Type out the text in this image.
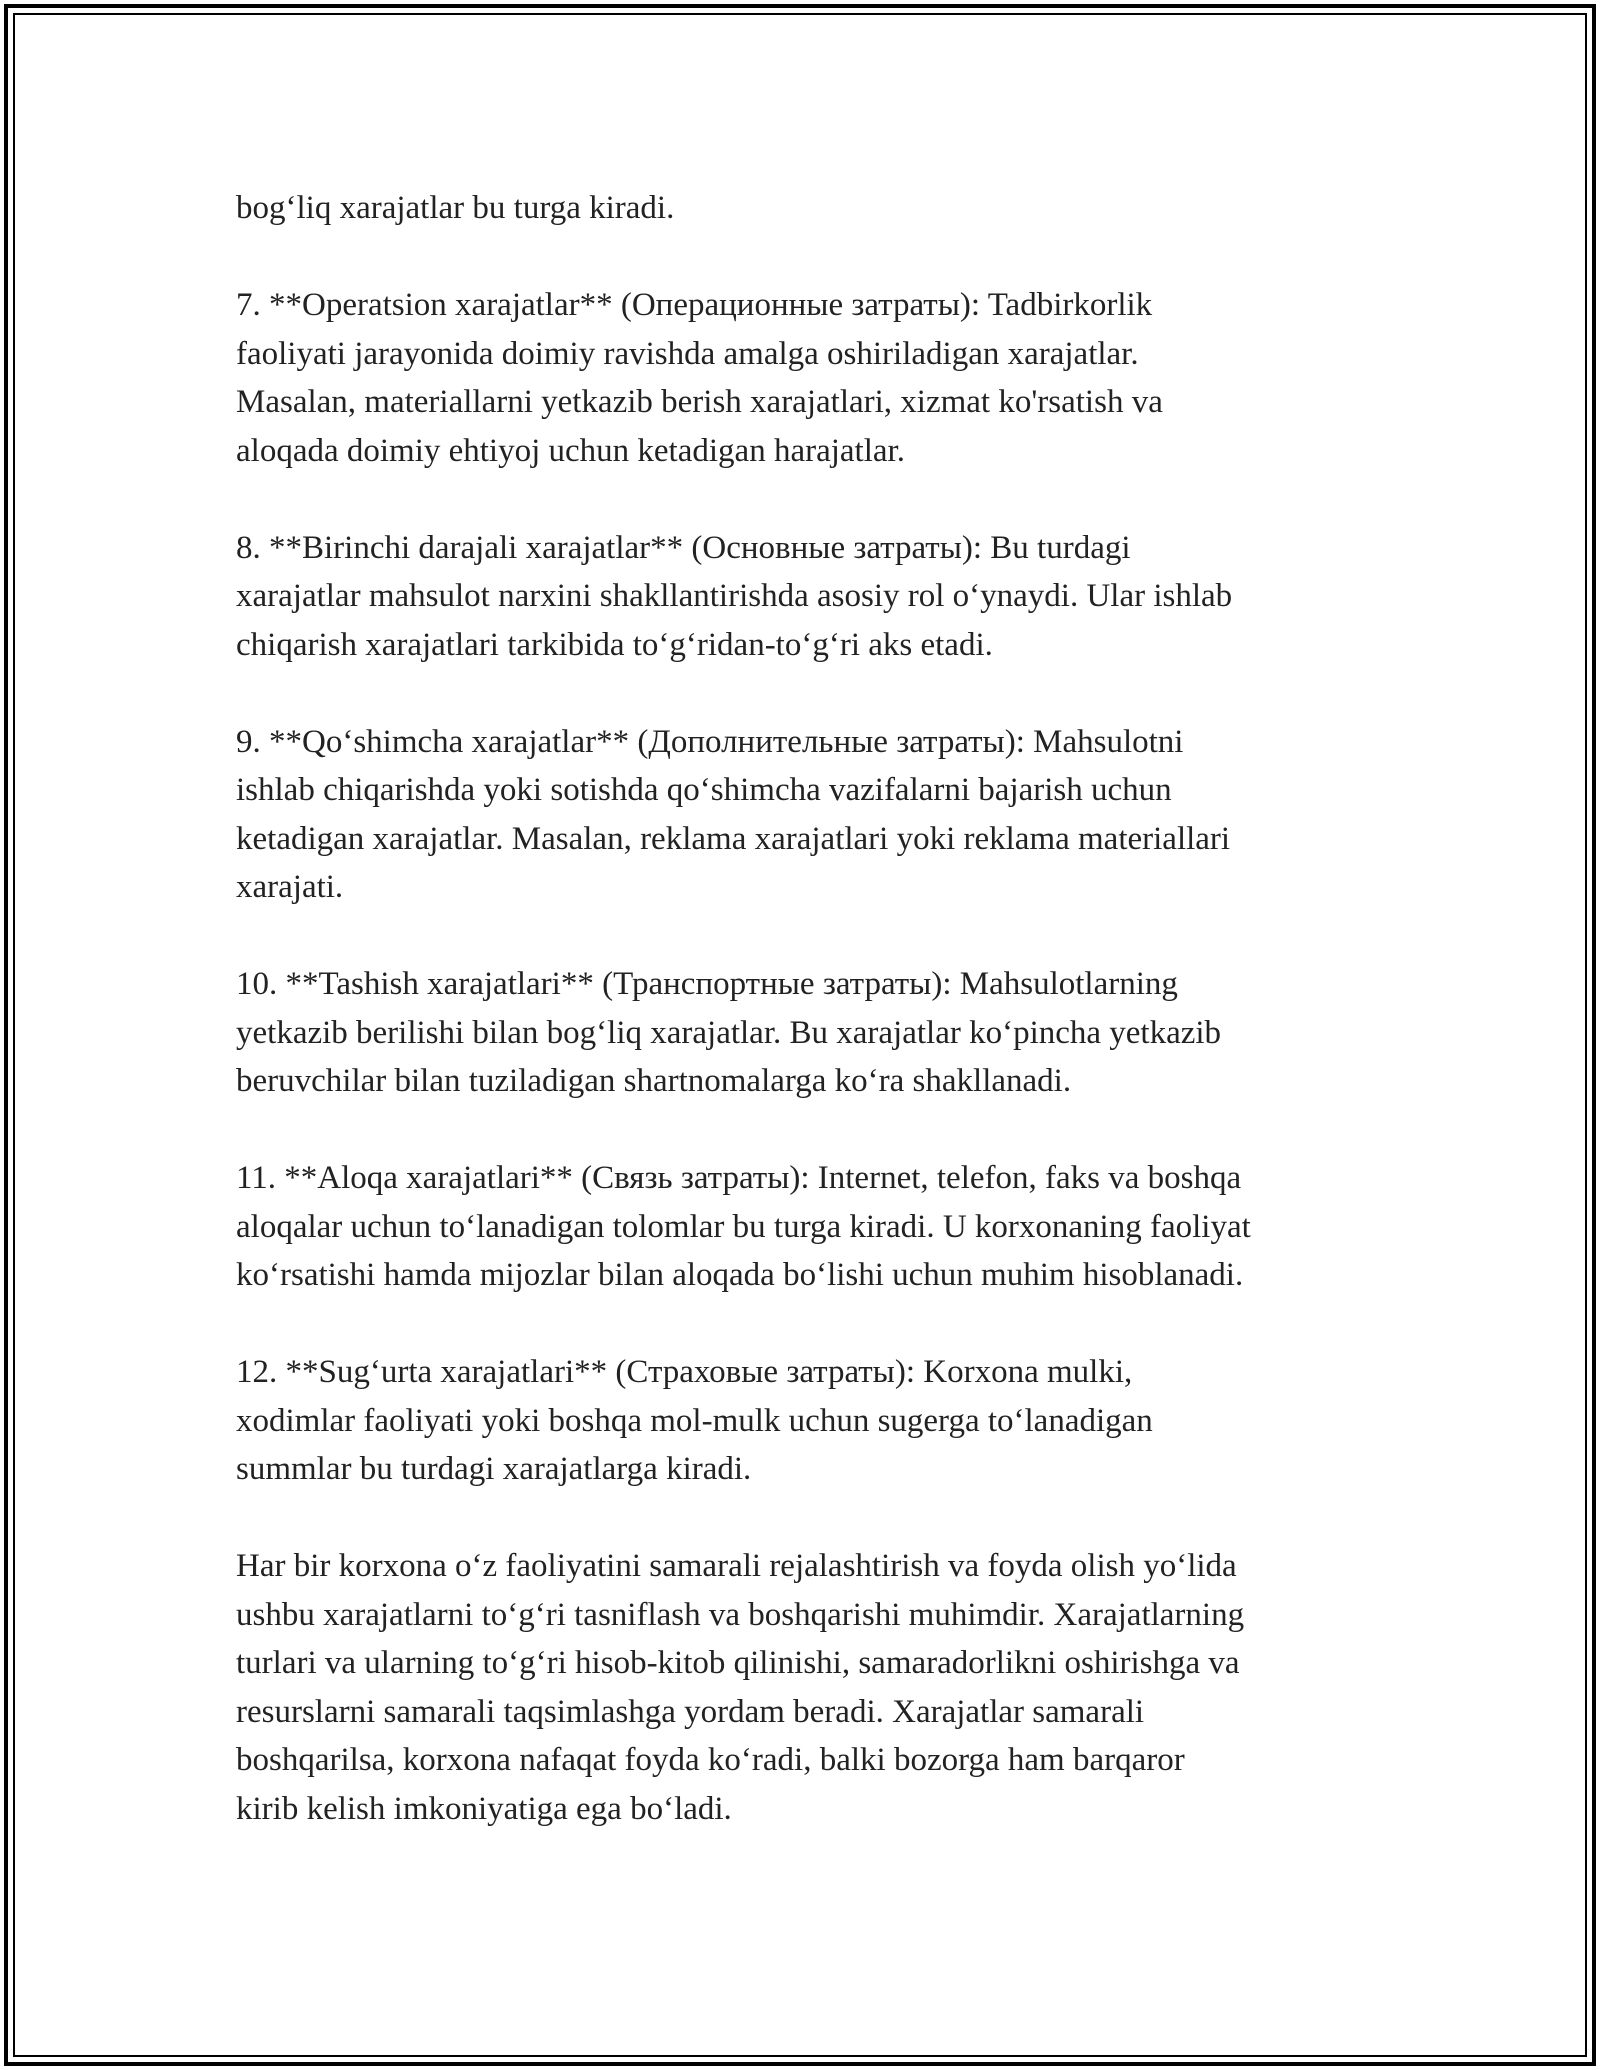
bog‘liq xarajatlar bu turga kiradi.

7. **Operatsion xarajatlar** (Операционные затраты): Tadbirkorlik
faoliyati jarayonida doimiy ravishda amalga oshiriladigan xarajatlar.
Masalan, materiallarni yetkazib berish xarajatlari, xizmat ko'rsatish va
aloqada doimiy ehtiyoj uchun ketadigan harajatlar.

8. **Birinchi darajali xarajatlar** (Основные затраты): Bu turdagi
xarajatlar mahsulot narxini shakllantirishda asosiy rol o‘ynaydi. Ular ishlab
chiqarish xarajatlari tarkibida to‘g‘ridan-to‘g‘ri aks etadi.

9. **Qo‘shimcha xarajatlar** (Дополнительные затраты): Mahsulotni
ishlab chiqarishda yoki sotishda qo‘shimcha vazifalarni bajarish uchun
ketadigan xarajatlar. Masalan, reklama xarajatlari yoki reklama materiallari
xarajati.

10. **Tashish xarajatlari** (Транспортные затраты): Mahsulotlarning
yetkazib berilishi bilan bog‘liq xarajatlar. Bu xarajatlar ko‘pincha yetkazib
beruvchilar bilan tuziladigan shartnomalarga ko‘ra shakllanadi.

11. **Aloqa xarajatlari** (Связь затраты): Internet, telefon, faks va boshqa
aloqalar uchun to‘lanadigan tolomlar bu turga kiradi. U korxonaning faoliyat
ko‘rsatishi hamda mijozlar bilan aloqada bo‘lishi uchun muhim hisoblanadi.

12. **Sug‘urta xarajatlari** (Страховые затраты): Korxona mulki,
xodimlar faoliyati yoki boshqa mol-mulk uchun sugerga to‘lanadigan
summlar bu turdagi xarajatlarga kiradi.

Har bir korxona o‘z faoliyatini samarali rejalashtirish va foyda olish yo‘lida
ushbu xarajatlarni to‘g‘ri tasniflash va boshqarishi muhimdir. Xarajatlarning
turlari va ularning to‘g‘ri hisob-kitob qilinishi, samaradorlikni oshirishga va
resurslarni samarali taqsimlashga yordam beradi. Xarajatlar samarali
boshqarilsa, korxona nafaqat foyda ko‘radi, balki bozorga ham barqaror
kirib kelish imkoniyatiga ega bo‘ladi.
